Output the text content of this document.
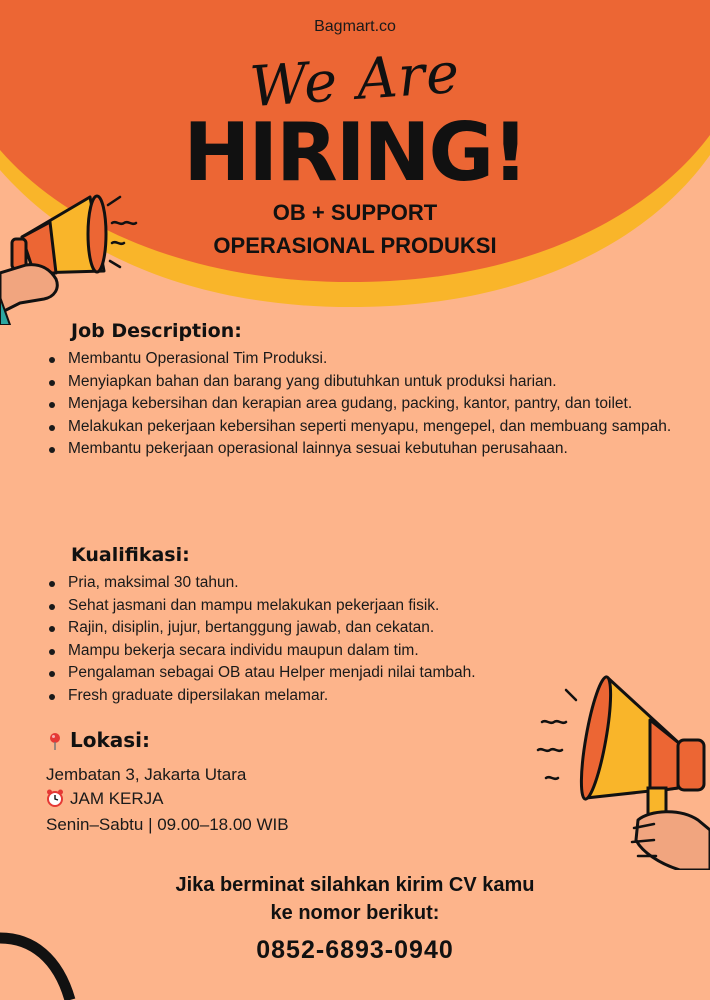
Bagmart.co
We Are
HIRING!
OB + SUPPORT
OPERASIONAL PRODUKSI
Job Description:
Membantu Operasional Tim Produksi.
Menyiapkan bahan dan barang yang dibutuhkan untuk produksi harian.
Menjaga kebersihan dan kerapian area gudang, packing, kantor, pantry, dan toilet.
Melakukan pekerjaan kebersihan seperti menyapu, mengepel, dan membuang sampah.
Membantu pekerjaan operasional lainnya sesuai kebutuhan perusahaan.
Kualifikasi:
Pria, maksimal 30 tahun.
Sehat jasmani dan mampu melakukan pekerjaan fisik.
Rajin, disiplin, jujur, bertanggung jawab, dan cekatan.
Mampu bekerja secara individu maupun dalam tim.
Pengalaman sebagai OB atau Helper menjadi nilai tambah.
Fresh graduate dipersilakan melamar.
Lokasi:
Jembatan 3, Jakarta Utara
JAM KERJA
Senin–Sabtu | 09.00–18.00 WIB
Jika berminat silahkan kirim CV kamu
ke nomor berikut:
0852-6893-0940
